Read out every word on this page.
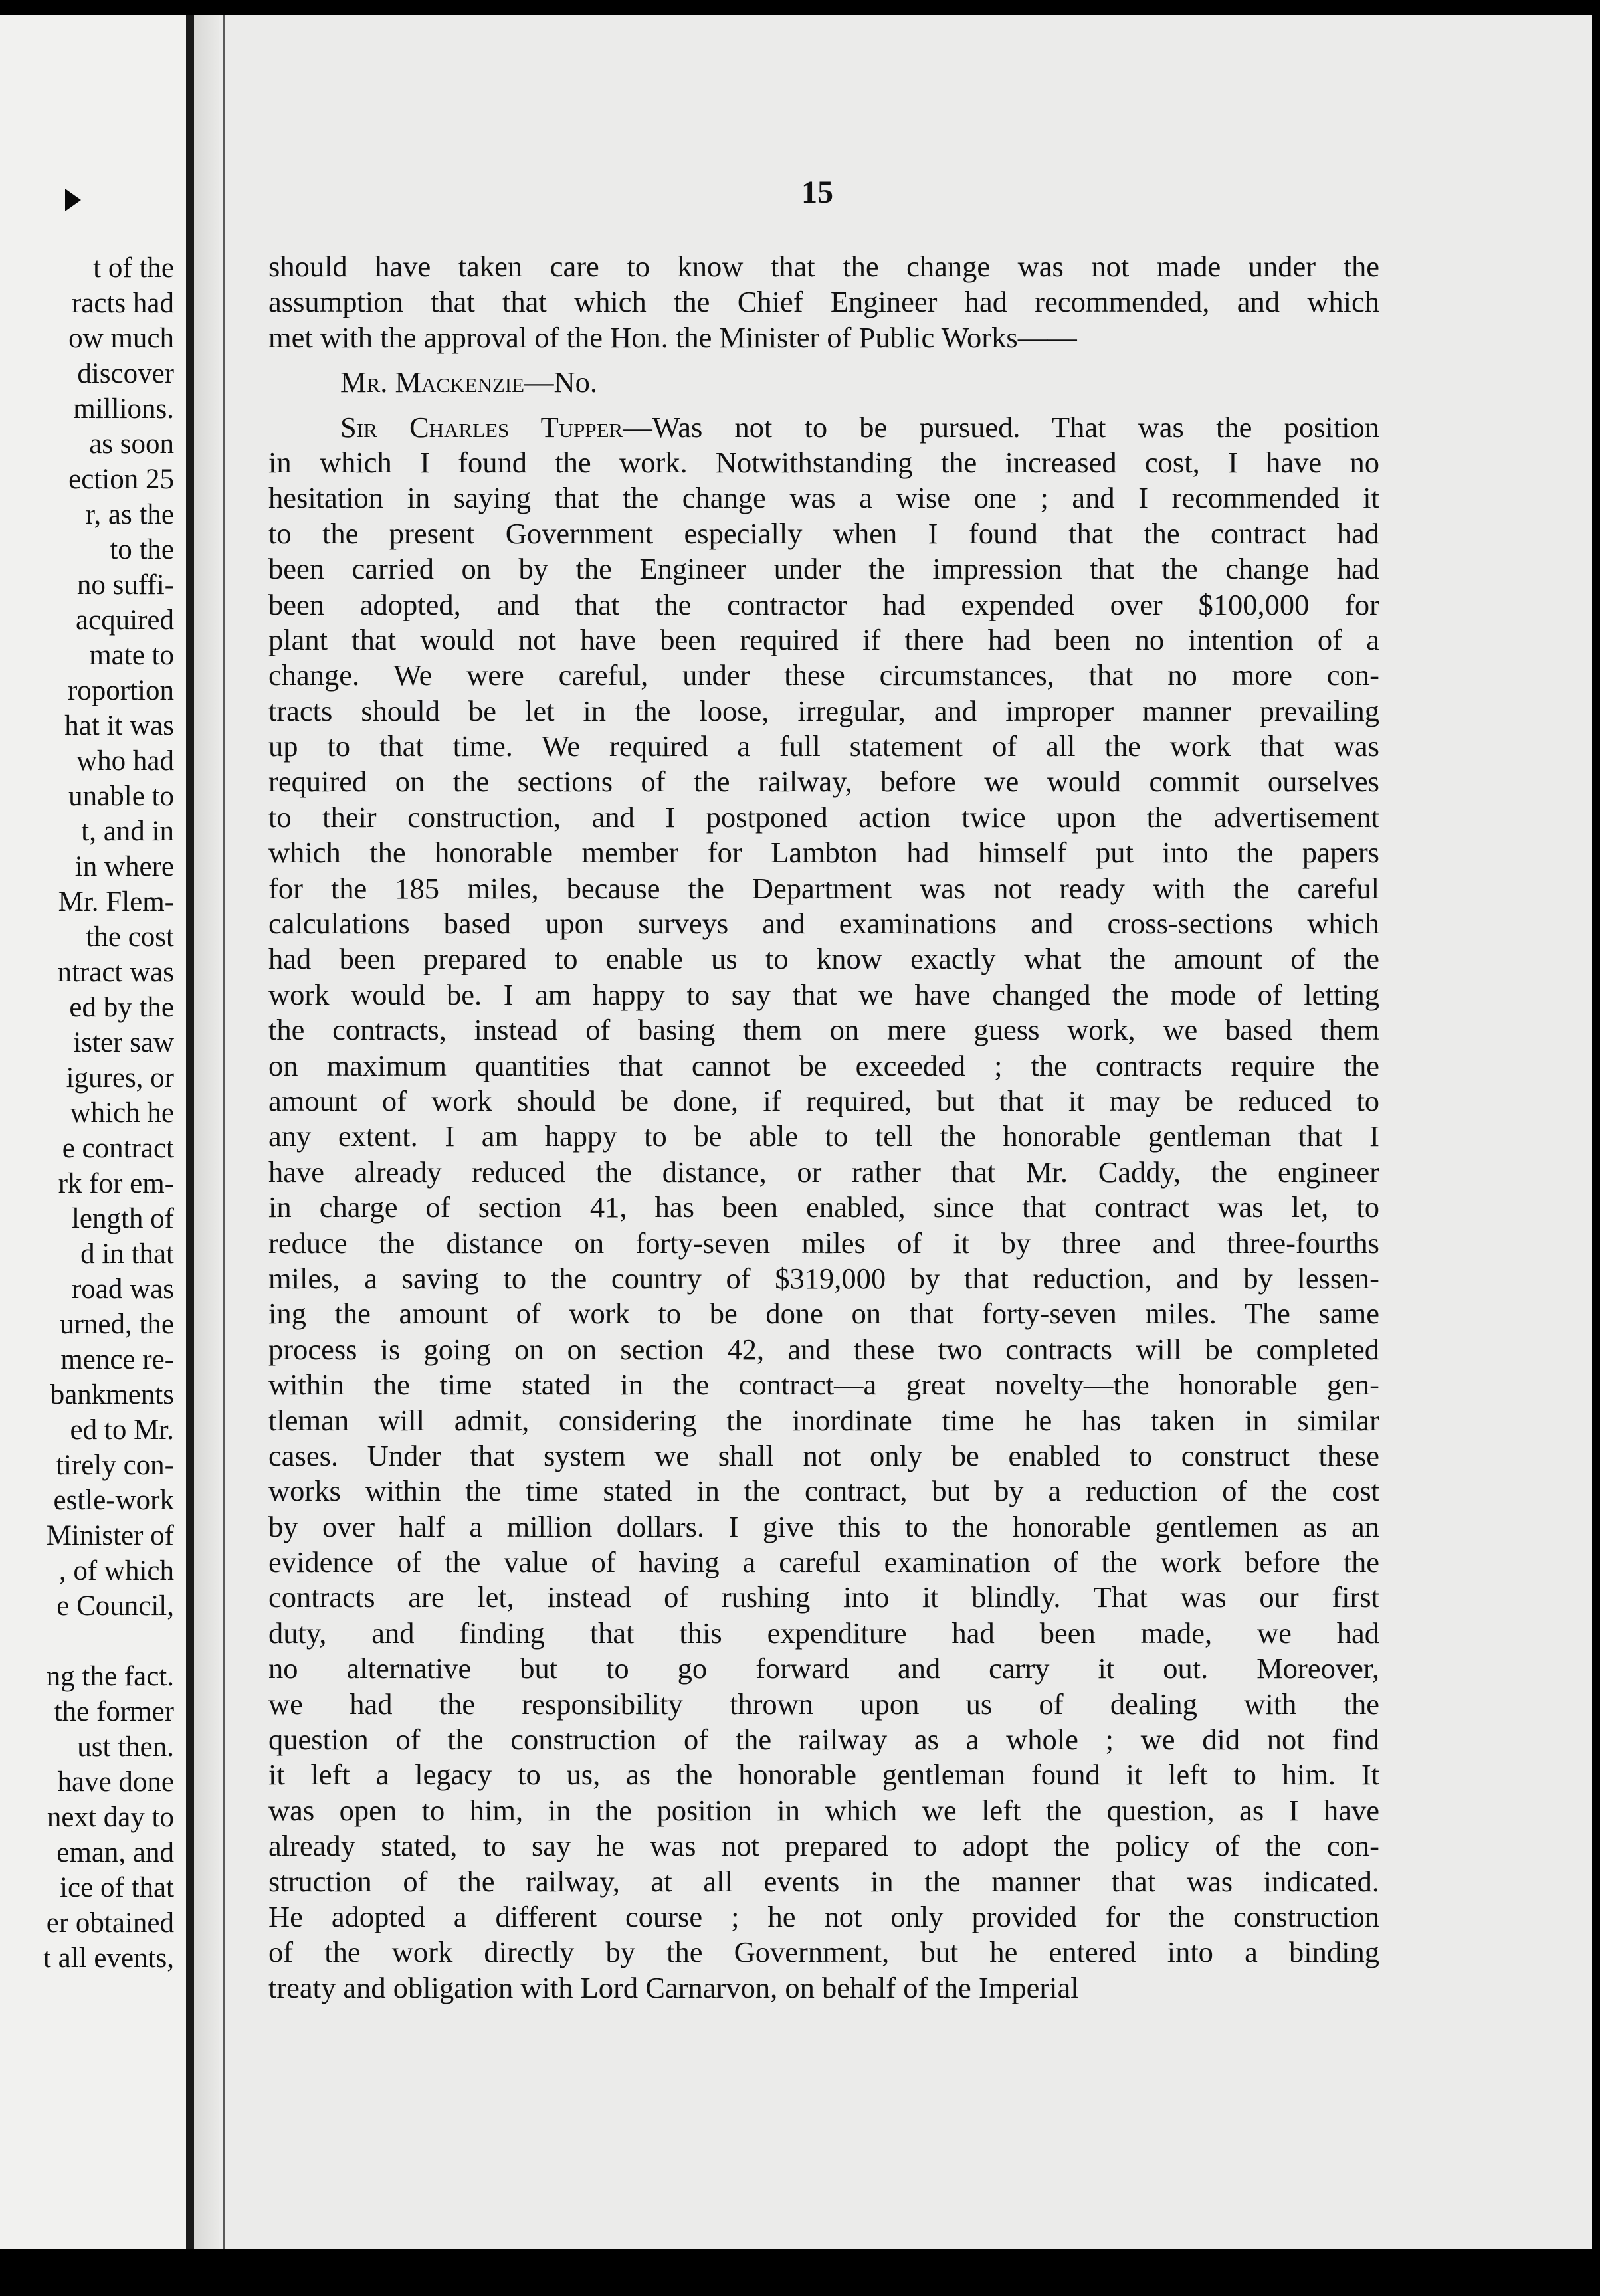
t of the
racts had
ow much
discover
millions.
as soon
ection 25
r, as the
to the
no suffi-
acquired
mate to
roportion
hat it was
who had
unable to
t, and in
in where
Mr. Flem-
the cost
ntract was
ed by the
ister saw
igures, or
which he
e contract
rk for em-
length of
d in that
road was
urned, the
mence re-
bankments
ed to Mr.
tirely con-
estle-work
Minister of
, of which
e Council,
ng the fact.
the former
ust then.
have done
next day to
eman, and
ice of that
er obtained
t all events,
15
should have taken care to know that the change was not made under the
assumption that that which the Chief Engineer had recommended, and which
met with the approval of the Hon. the Minister of Public Works——
Mr. Mackenzie—No.
Sir Charles Tupper—Was not to be pursued. That was the position
in which I found the work. Notwithstanding the increased cost, I have no
hesitation in saying that the change was a wise one ; and I recommended it
to the present Government especially when I found that the contract had
been carried on by the Engineer under the impression that the change had
been adopted, and that the contractor had expended over $100,000 for
plant that would not have been required if there had been no intention of a
change. We were careful, under these circumstances, that no more con-
tracts should be let in the loose, irregular, and improper manner prevailing
up to that time. We required a full statement of all the work that was
required on the sections of the railway, before we would commit ourselves
to their construction, and I postponed action twice upon the advertisement
which the honorable member for Lambton had himself put into the papers
for the 185 miles, because the Department was not ready with the careful
calculations based upon surveys and examinations and cross-sections which
had been prepared to enable us to know exactly what the amount of the
work would be. I am happy to say that we have changed the mode of letting
the contracts, instead of basing them on mere guess work, we based them
on maximum quantities that cannot be exceeded ; the contracts require the
amount of work should be done, if required, but that it may be reduced to
any extent. I am happy to be able to tell the honorable gentleman that I
have already reduced the distance, or rather that Mr. Caddy, the engineer
in charge of section 41, has been enabled, since that contract was let, to
reduce the distance on forty-seven miles of it by three and three-fourths
miles, a saving to the country of $319,000 by that reduction, and by lessen-
ing the amount of work to be done on that forty-seven miles. The same
process is going on on section 42, and these two contracts will be completed
within the time stated in the contract—a great novelty—the honorable gen-
tleman will admit, considering the inordinate time he has taken in similar
cases. Under that system we shall not only be enabled to construct these
works within the time stated in the contract, but by a reduction of the cost
by over half a million dollars. I give this to the honorable gentlemen as an
evidence of the value of having a careful examination of the work before the
contracts are let, instead of rushing into it blindly. That was our first
duty, and finding that this expenditure had been made, we had
no alternative but to go forward and carry it out. Moreover,
we had the responsibility thrown upon us of dealing with the
question of the construction of the railway as a whole ; we did not find
it left a legacy to us, as the honorable gentleman found it left to him. It
was open to him, in the position in which we left the question, as I have
already stated, to say he was not prepared to adopt the policy of the con-
struction of the railway, at all events in the manner that was indicated.
He adopted a different course ; he not only provided for the construction
of the work directly by the Government, but he entered into a binding
treaty and obligation with Lord Carnarvon, on behalf of the Imperial
